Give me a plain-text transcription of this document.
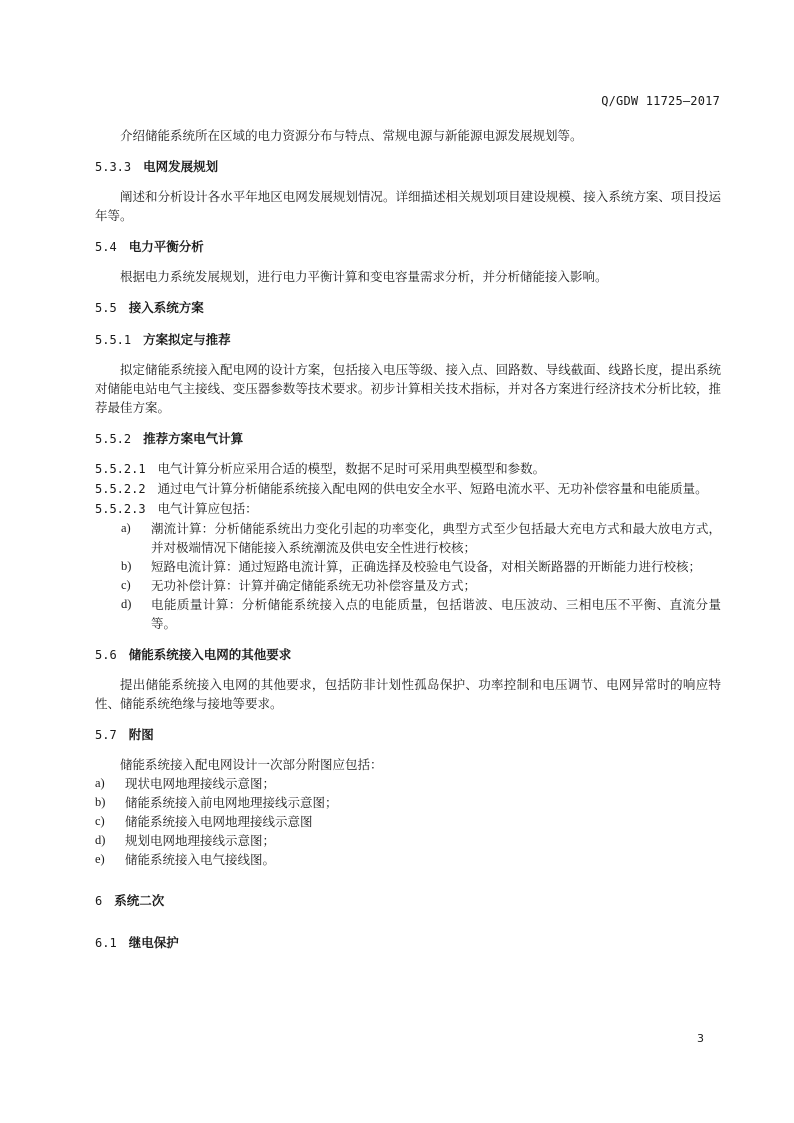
Q/GDW 11725—2017

介绍储能系统所在区域的电力资源分布与特点、常规电源与新能源电源发展规划等。

5.3.3 电网发展规划

阐述和分析设计各水平年地区电网发展规划情况。详细描述相关规划项目建设规模、接入系统方案、项目投运年等。

5.4 电力平衡分析

根据电力系统发展规划，进行电力平衡计算和变电容量需求分析，并分析储能接入影响。

5.5 接入系统方案

5.5.1 方案拟定与推荐

拟定储能系统接入配电网的设计方案，包括接入电压等级、接入点、回路数、导线截面、线路长度，提出系统对储能电站电气主接线、变压器参数等技术要求。初步计算相关技术指标，并对各方案进行经济技术分析比较，推荐最佳方案。

5.5.2 推荐方案电气计算

5.5.2.1 电气计算分析应采用合适的模型，数据不足时可采用典型模型和参数。

5.5.2.2 通过电气计算分析储能系统接入配电网的供电安全水平、短路电流水平、无功补偿容量和电能质量。

5.5.2.3 电气计算应包括：

a)	潮流计算：分析储能系统出力变化引起的功率变化，典型方式至少包括最大充电方式和最大放电方式，并对极端情况下储能接入系统潮流及供电安全性进行校核；
b)	短路电流计算：通过短路电流计算，正确选择及校验电气设备，对相关断路器的开断能力进行校核；
c)	无功补偿计算：计算并确定储能系统无功补偿容量及方式；
d)	电能质量计算：分析储能系统接入点的电能质量，包括谐波、电压波动、三相电压不平衡、直流分量等。

5.6 储能系统接入电网的其他要求

提出储能系统接入电网的其他要求，包括防非计划性孤岛保护、功率控制和电压调节、电网异常时的响应特性、储能系统绝缘与接地等要求。

5.7 附图

储能系统接入配电网设计一次部分附图应包括：

a)	现状电网地理接线示意图；
b)	储能系统接入前电网地理接线示意图；
c)	储能系统接入电网地理接线示意图
d)	规划电网地理接线示意图；
e)	储能系统接入电气接线图。

6 系统二次

6.1 继电保护

3
